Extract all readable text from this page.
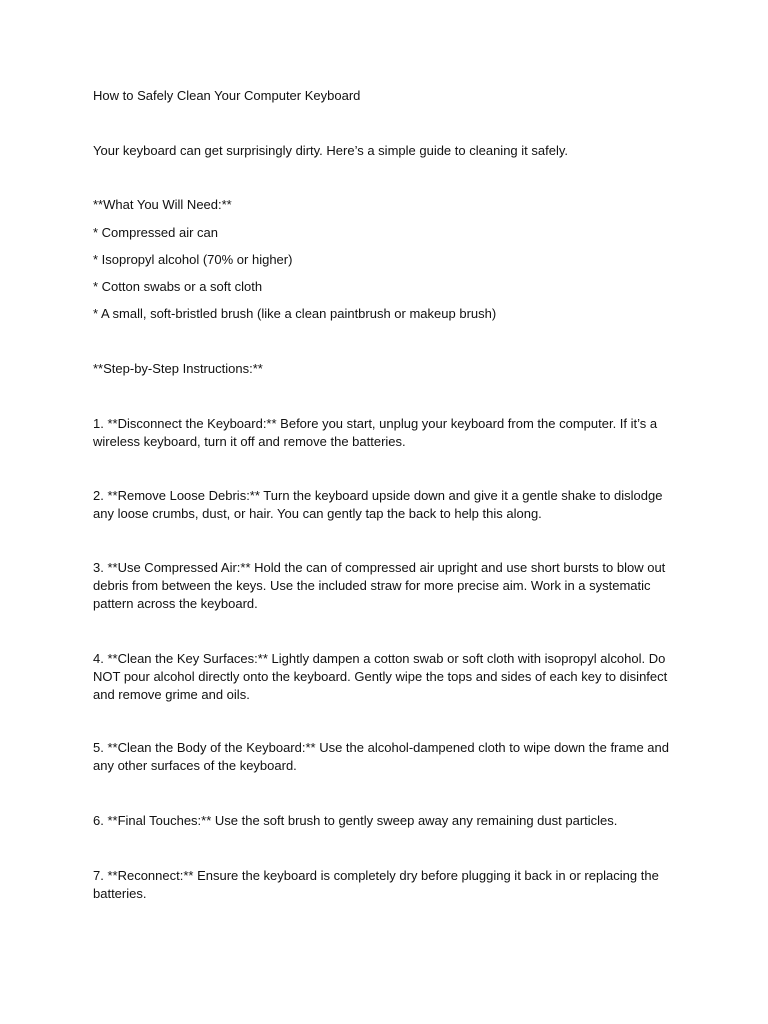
How to Safely Clean Your Computer Keyboard
Your keyboard can get surprisingly dirty. Here’s a simple guide to cleaning it safely.
**What You Will Need:**
* Compressed air can
* Isopropyl alcohol (70% or higher)
* Cotton swabs or a soft cloth
* A small, soft-bristled brush (like a clean paintbrush or makeup brush)
**Step-by-Step Instructions:**
1. **Disconnect the Keyboard:** Before you start, unplug your keyboard from the computer. If it’s a wireless keyboard, turn it off and remove the batteries.
2. **Remove Loose Debris:** Turn the keyboard upside down and give it a gentle shake to dislodge any loose crumbs, dust, or hair. You can gently tap the back to help this along.
3. **Use Compressed Air:** Hold the can of compressed air upright and use short bursts to blow out debris from between the keys. Use the included straw for more precise aim. Work in a systematic pattern across the keyboard.
4. **Clean the Key Surfaces:** Lightly dampen a cotton swab or soft cloth with isopropyl alcohol. Do NOT pour alcohol directly onto the keyboard. Gently wipe the tops and sides of each key to disinfect and remove grime and oils.
5. **Clean the Body of the Keyboard:** Use the alcohol-dampened cloth to wipe down the frame and any other surfaces of the keyboard.
6. **Final Touches:** Use the soft brush to gently sweep away any remaining dust particles.
7. **Reconnect:** Ensure the keyboard is completely dry before plugging it back in or replacing the batteries.
